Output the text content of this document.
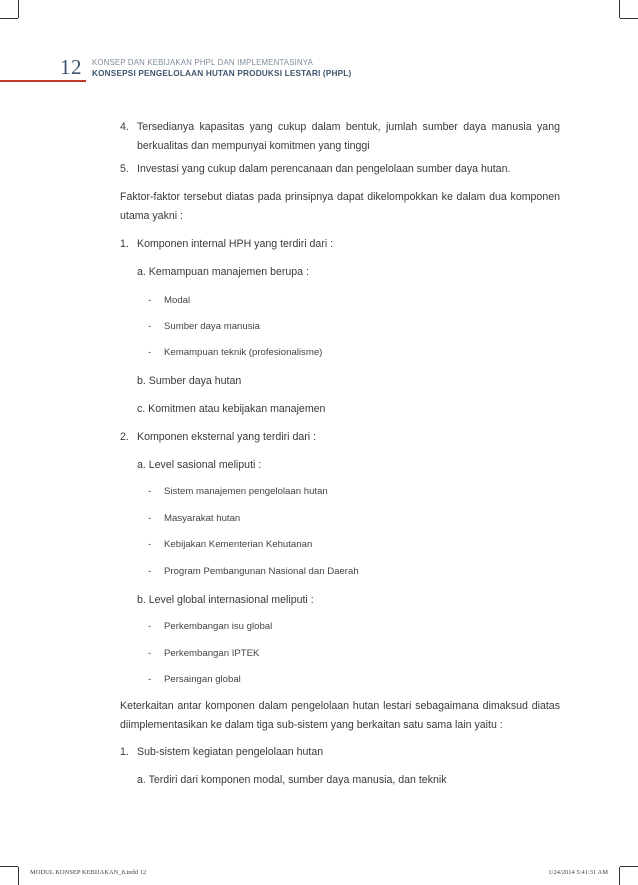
12 KONSEP DAN KEBIJAKAN PHPL DAN IMPLEMENTASINYA
KONSEPSI PENGELOLAAN HUTAN PRODUKSI LESTARI (PHPL)
4. Tersedianya kapasitas yang cukup dalam bentuk, jumlah sumber daya manusia yang
berkualitas dan mempunyai komitmen yang tinggi
5. Investasi yang cukup dalam perencanaan dan pengelolaan sumber daya hutan.
Faktor-faktor tersebut diatas pada prinsipnya dapat dikelompokkan ke dalam dua komponen
utama yakni :
1. Komponen internal HPH yang terdiri dari :
a. Kemampuan manajemen berupa :
- Modal
- Sumber daya manusia
- Kemampuan teknik (profesionalisme)
b. Sumber daya hutan
c. Komitmen atau kebijakan manajemen
2. Komponen eksternal yang terdiri dari :
a. Level sasional meliputi :
- Sistem manajemen pengelolaan hutan
- Masyarakat hutan
- Kebijakan Kementerian Kehutanan
- Program Pembangunan Nasional dan Daerah
b. Level global internasional meliputi :
- Perkembangan isu global
- Perkembangan IPTEK
- Persaingan global
Keterkaitan antar komponen dalam pengelolaan hutan lestari sebagaimana dimaksud diatas
diimplementasikan ke dalam tiga sub-sistem yang berkaitan satu sama lain yaitu :
1. Sub-sistem kegiatan pengelolaan hutan
a. Terdiri dari komponen modal, sumber daya manusia, dan teknik
MODUL KONSEP KEBIJAKAN_8.indd 12	1/24/2014 5:41:31 AM
